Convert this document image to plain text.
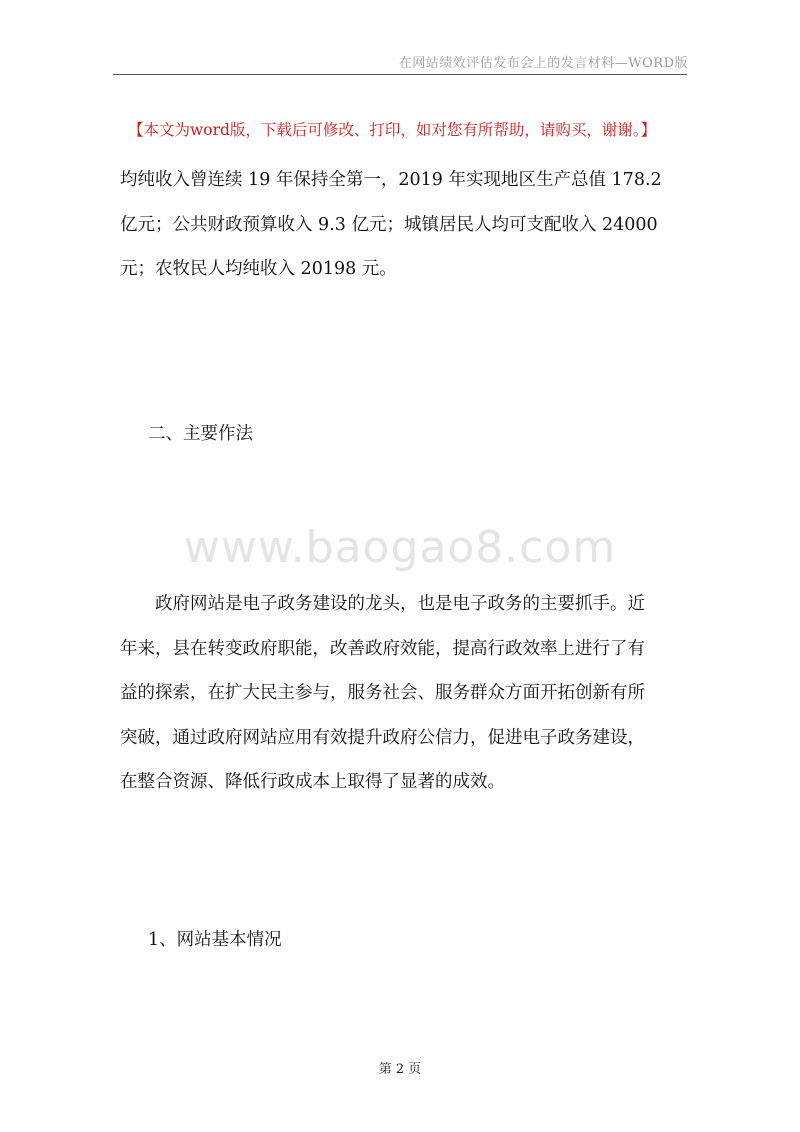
在网站绩效评估发布会上的发言材料—WORD版
【本文为word版，下载后可修改、打印，如对您有所帮助，请购买，谢谢。】
均纯收入曾连续 19 年保持全第一，2019 年实现地区生产总值 178.2
亿元；公共财政预算收入 9.3 亿元；城镇居民人均可支配收入 24000
元；农牧民人均纯收入 20198 元。
二、主要作法
www.baogao8.com
　　政府网站是电子政务建设的龙头，也是电子政务的主要抓手。近
年来，县在转变政府职能，改善政府效能，提高行政效率上进行了有
益的探索，在扩大民主参与，服务社会、服务群众方面开拓创新有所
突破，通过政府网站应用有效提升政府公信力，促进电子政务建设，
在整合资源、降低行政成本上取得了显著的成效。
1、网站基本情况
第 2 页
